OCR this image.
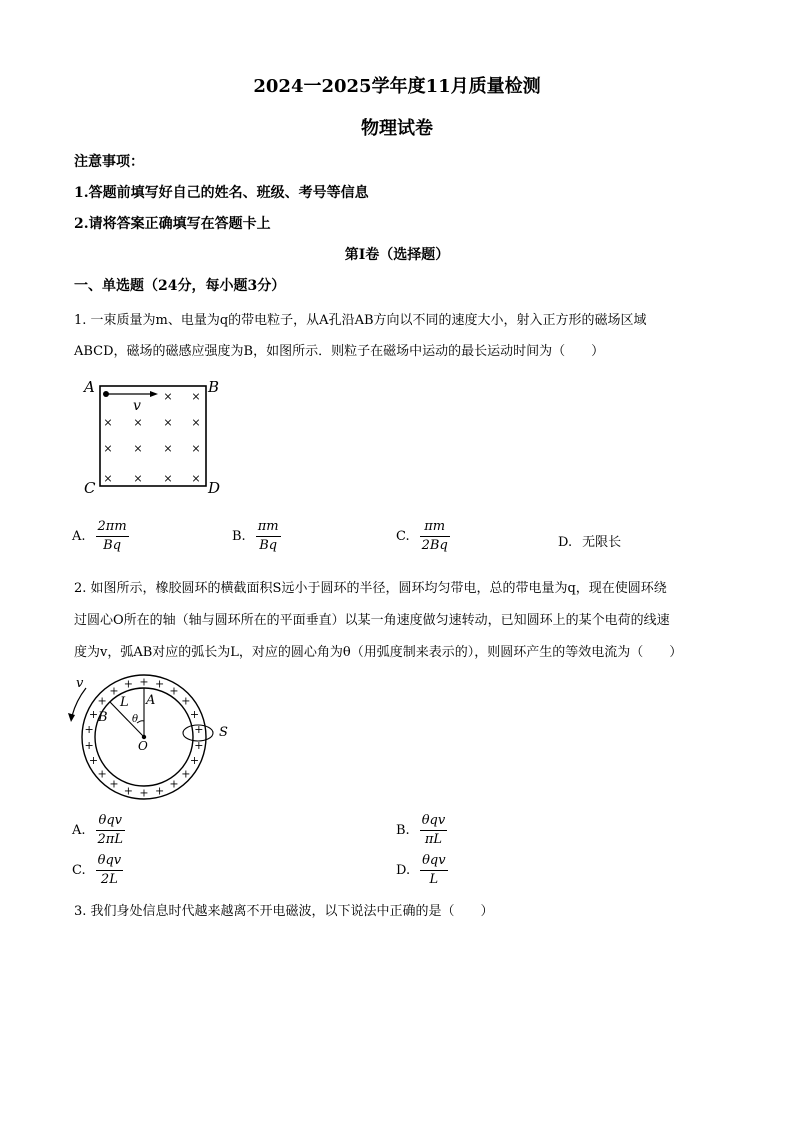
2024一2025学年度11月质量检测
物理试卷
注意事项：
1.答题前填写好自己的姓名、班级、考号等信息
2.请将答案正确填写在答题卡上
第I卷（选择题）
一、单选题（24分，每小题3分）
1. 一束质量为m、电量为q的带电粒子，从A孔沿AB方向以不同的速度大小，射入正方形的磁场区域
ABCD，磁场的磁感应强度为B，如图所示．则粒子在磁场中运动的最长运动时间为（　　）
A	B
C	D
v
× ×
× × × ×
× × × ×
× × × ×
A. $\frac{2\pi m}{Bq}$	B. $\frac{\pi m}{Bq}$	C. $\frac{\pi m}{2Bq}$	D. 无限长
2. 如图所示，橡胶圆环的横截面积S远小于圆环的半径，圆环均匀带电，总的带电量为q，现在使圆环绕
过圆心O所在的轴（轴与圆环所在的平面垂直）以某一角速度做匀速转动，已知圆环上的某个电荷的线速
度为v，弧AB对应的弧长为L，对应的圆心角为θ（用弧度制来表示的），则圆环产生的等效电流为（　　）
v
L A
B θ
O
S
+ +
+
+
+
+
+
+
+
+
+
+
+
+
+
+
+
+
+
+
+
+
A. $\frac{\text{θqv}}{2\pi L}$	B. $\frac{\text{θqv}}{\pi L}$
C. $\frac{\text{θqv}}{2L}$	D. $\frac{\text{θqv}}{L}$
3. 我们身处信息时代越来越离不开电磁波，以下说法中正确的是（　　）
